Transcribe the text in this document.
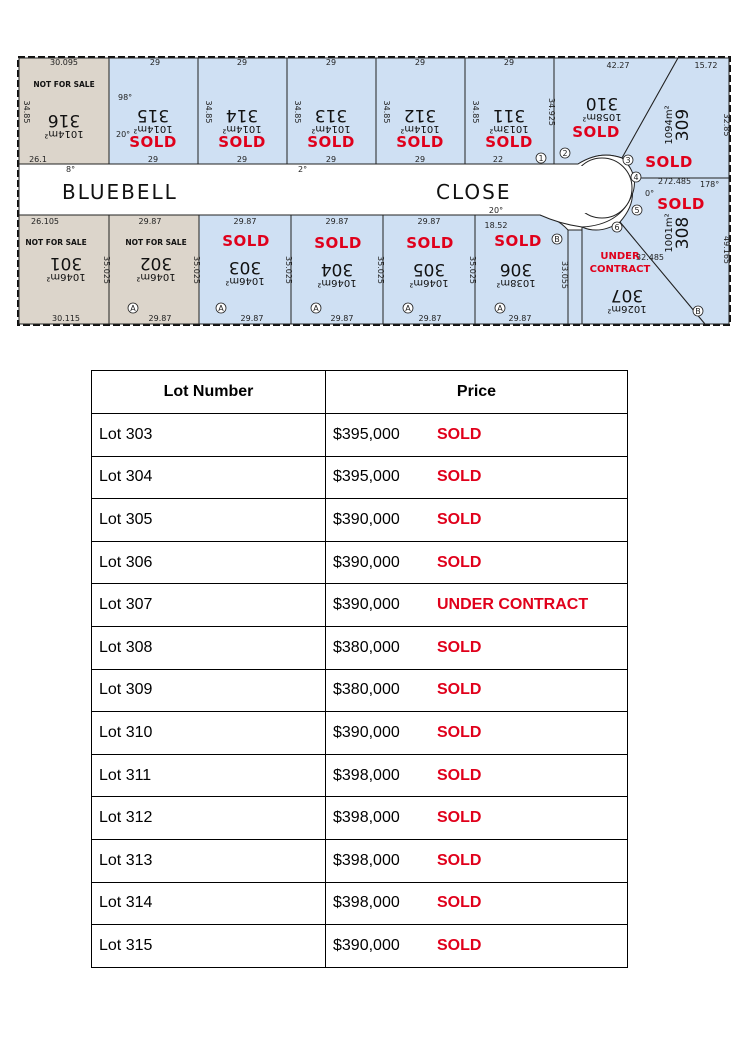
BLUEBELL	CLOSE
316
1014m²
NOT FOR SALE
315
1014m²
SOLD
314
1014m²
SOLD
313
1014m²
SOLD
312
1014m²
SOLD
311
1013m²
SOLD
310
1058m²
SOLD	309
1094m²
SOLD
NOT FOR SALE
301
1046m²
NOT FOR SALE
302
1046m²
SOLD
303
1046m²
SOLD
304
1046m²
SOLD
305
1046m²
SOLD
306
1038m²
UNDER
CONTRACT
307
1026m²
SOLD
308
1001m²
30.095	29	29	29	29	29	42.27	15.72
26.1	29	29	29	29	22
20°
26.105	29.87	29.87	29.87	29.87	18.52
30.115	29.87	29.87	29.87	29.87	29.87
34.85	34.85	34.85	34.85	34.85
35.025	35.025	35.025	35.025	35.025
34.925
33.055
32.85
49.165
8°	2°
20°
98°
0°
178°
272.485
32.485
A	A	A	A	A
B
B
1
2
3
4
5
6
Lot Number	Price
Lot 303	$395,000 SOLD
Lot 304	$395,000 SOLD
Lot 305	$390,000 SOLD
Lot 306	$390,000 SOLD
Lot 307	$390,000 UNDER CONTRACT
Lot 308	$380,000 SOLD
Lot 309	$380,000 SOLD
Lot 310	$390,000 SOLD
Lot 311	$398,000 SOLD
Lot 312	$398,000 SOLD
Lot 313	$398,000 SOLD
Lot 314	$398,000 SOLD
Lot 315	$390,000 SOLD
